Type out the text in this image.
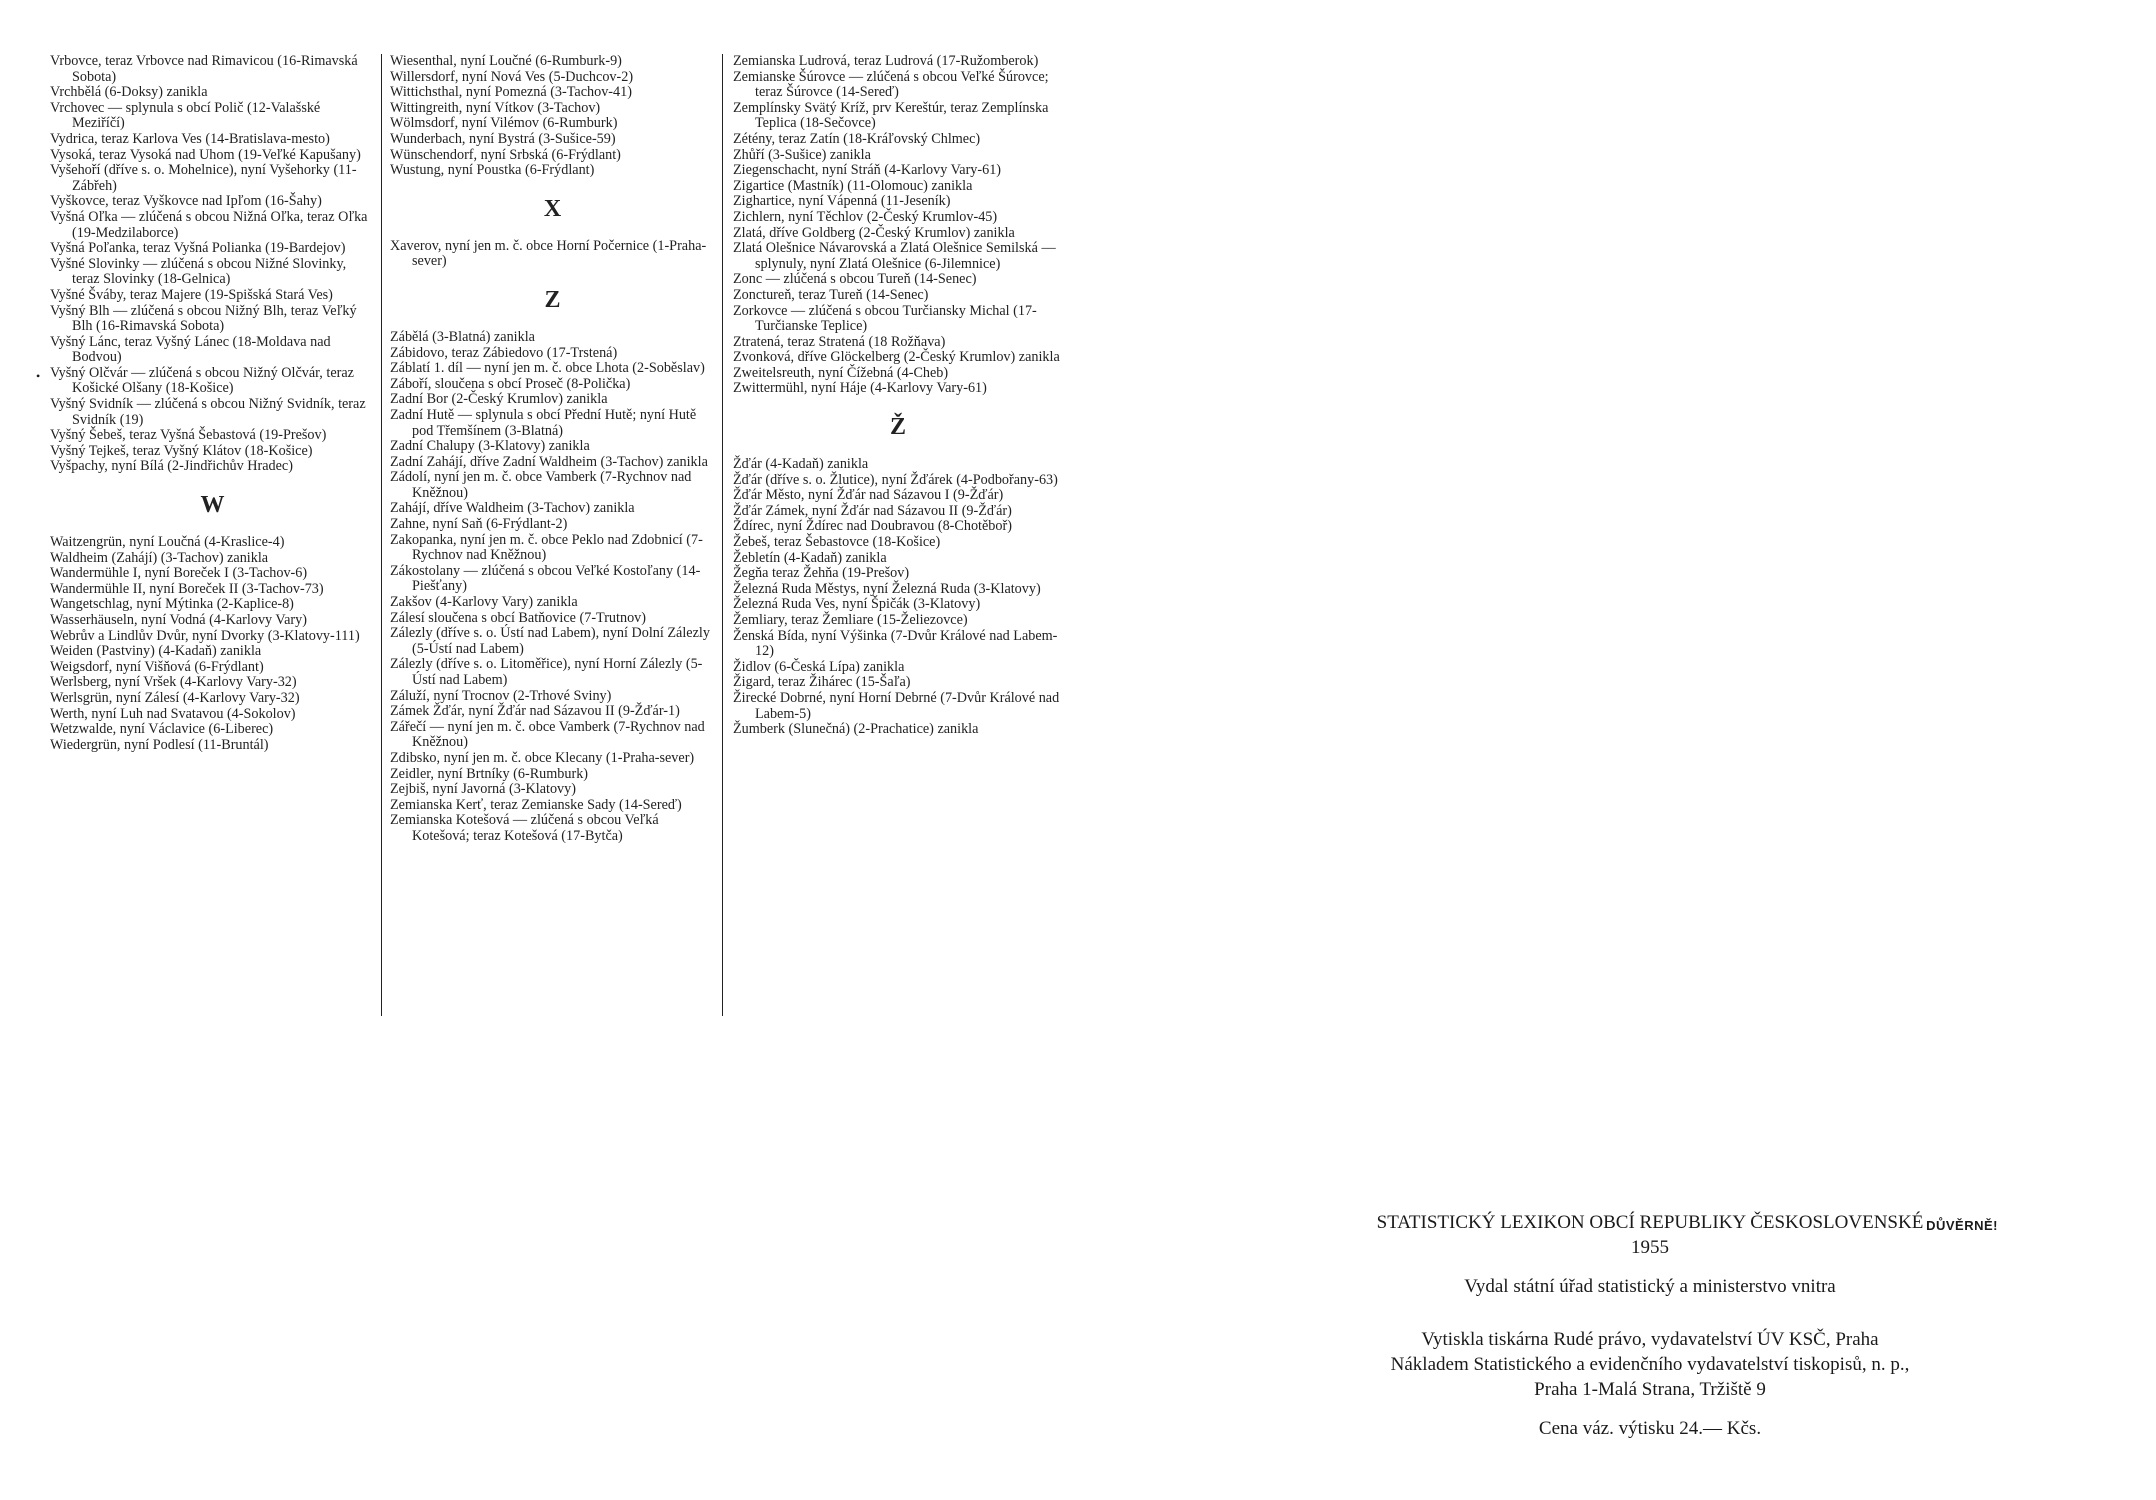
Vrbovce, teraz Vrbovce nad Rimavicou (16-Rimavská Sobota)

Vrchbělá (6-Doksy) zanikla

Vrchovec — splynula s obcí Polič (12-Valašské Meziříčí)

Vydrica, teraz Karlova Ves (14-Bratislava-mesto)

Vysoká, teraz Vysoká nad Uhom (19-Veľké Kapušany)

Vyšehoří (dříve s. o. Mohelnice), nyní Vyšehorky (11-Zábřeh)

Vyškovce, teraz Vyškovce nad Ipľom (16-Šahy)

Vyšná Oľka — zlúčená s obcou Nižná Oľka, teraz Oľka (19-Medzilaborce)

Vyšná Poľanka, teraz Vyšná Polianka (19-Bardejov)

Vyšné Slovinky — zlúčená s obcou Nižné Slovinky, teraz Slovinky (18-Gelnica)

Vyšné Šváby, teraz Majere (19-Spišská Stará Ves)

Vyšný Blh — zlúčená s obcou Nižný Blh, teraz Veľký Blh (16-Rimavská Sobota)

Vyšný Lánc, teraz Vyšný Lánec (18-Moldava nad Bodvou)

Vyšný Olčvár — zlúčená s obcou Nižný Olčvár, teraz Košické Olšany (18-Košice)

Vyšný Svidník — zlúčená s obcou Nižný Svidník, teraz Svidník (19)

Vyšný Šebeš, teraz Vyšná Šebastová (19-Prešov)

Vyšný Tejkeš, teraz Vyšný Klátov (18-Košice)

Vyšpachy, nyní Bílá (2-Jindřichův Hradec)

W

Waitzengrün, nyní Loučná (4-Kraslice-4)

Waldheim (Zahájí) (3-Tachov) zanikla

Wandermühle I, nyní Boreček I (3-Tachov-6)

Wandermühle II, nyní Boreček II (3-Tachov-73)

Wangetschlag, nyní Mýtinka (2-Kaplice-8)

Wasserhäuseln, nyní Vodná (4-Karlovy Vary)

Webrův a Lindlův Dvůr, nyní Dvorky (3-Klatovy-111)

Weiden (Pastviny) (4-Kadaň) zanikla

Weigsdorf, nyní Višňová (6-Frýdlant)

Werlsberg, nyní Vršek (4-Karlovy Vary-32)

Werlsgrün, nyní Zálesí (4-Karlovy Vary-32)

Werth, nyní Luh nad Svatavou (4-Sokolov)

Wetzwalde, nyní Václavice (6-Liberec)

Wiedergrün, nyní Podlesí (11-Bruntál)

Wiesenthal, nyní Loučné (6-Rumburk-9)

Willersdorf, nyní Nová Ves (5-Duchcov-2)

Wittichsthal, nyní Pomezná (3-Tachov-41)

Wittingreith, nyní Vítkov (3-Tachov)

Wölmsdorf, nyní Vilémov (6-Rumburk)

Wunderbach, nyní Bystrá (3-Sušice-59)

Wünschendorf, nyní Srbská (6-Frýdlant)

Wustung, nyní Poustka (6-Frýdlant)

X

Xaverov, nyní jen m. č. obce Horní Počernice (1-Praha-sever)

Z

Zábělá (3-Blatná) zanikla

Zábidovo, teraz Zábiedovo (17-Trstená)

Záblatí 1. díl — nyní jen m. č. obce Lhota (2-Soběslav)

Záboří, sloučena s obcí Proseč (8-Polička)

Zadní Bor (2-Český Krumlov) zanikla

Zadní Hutě — splynula s obcí Přední Hutě; nyní Hutě pod Třemšínem (3-Blatná)

Zadní Chalupy (3-Klatovy) zanikla

Zadní Zahájí, dříve Zadní Waldheim (3-Tachov) zanikla

Zádolí, nyní jen m. č. obce Vamberk (7-Rychnov nad Kněžnou)

Zahájí, dříve Waldheim (3-Tachov) zanikla

Zahne, nyní Saň (6-Frýdlant-2)

Zakopanka, nyní jen m. č. obce Peklo nad Zdobnicí (7-Rychnov nad Kněžnou)

Zákostolany — zlúčená s obcou Veľké Kostoľany (14-Piešťany)

Zakšov (4-Karlovy Vary) zanikla

Zálesí sloučena s obcí Batňovice (7-Trutnov)

Zálezly (dříve s. o. Ústí nad Labem), nyní Dolní Zálezly (5-Ústí nad Labem)

Zálezly (dříve s. o. Litoměřice), nyní Horní Zálezly (5-Ústí nad Labem)

Záluží, nyní Trocnov (2-Trhové Sviny)

Zámek Žďár, nyní Žďár nad Sázavou II (9-Žďár-1)

Zářečí — nyní jen m. č. obce Vamberk (7-Rychnov nad Kněžnou)

Zdibsko, nyní jen m. č. obce Klecany (1-Praha-sever)

Zeidler, nyní Brtníky (6-Rumburk)

Zejbiš, nyní Javorná (3-Klatovy)

Zemianska Kerť, teraz Zemianske Sady (14-Sereď)

Zemianska Kotešová — zlúčená s obcou Veľká Kotešová; teraz Kotešová (17-Bytča)

Zemianska Ludrová, teraz Ludrová (17-Ružomberok)

Zemianske Šúrovce — zlúčená s obcou Veľké Šúrovce; teraz Šúrovce (14-Sereď)

Zemplínsky Svätý Kríž, prv Kereštúr, teraz Zemplínska Teplica (18-Sečovce)

Zétény, teraz Zatín (18-Kráľovský Chlmec)

Zhůří (3-Sušice) zanikla

Ziegenschacht, nyní Stráň (4-Karlovy Vary-61)

Zigartice (Mastník) (11-Olomouc) zanikla

Zighartice, nyní Vápenná (11-Jeseník)

Zichlern, nyní Těchlov (2-Český Krumlov-45)

Zlatá, dříve Goldberg (2-Český Krumlov) zanikla

Zlatá Olešnice Návarovská a Zlatá Olešnice Semilská — splynuly, nyní Zlatá Olešnice (6-Jilemnice)

Zonc — zlúčená s obcou Tureň (14-Senec)

Zonctureň, teraz Tureň (14-Senec)

Zorkovce — zlúčená s obcou Turčiansky Michal (17-Turčianske Teplice)

Ztratená, teraz Stratená (18 Rožňava)

Zvonková, dříve Glöckelberg (2-Český Krumlov) zanikla

Zweitelsreuth, nyní Čížebná (4-Cheb)

Zwittermühl, nyní Háje (4-Karlovy Vary-61)

Ž

Žďár (4-Kadaň) zanikla

Žďár (dříve s. o. Žlutice), nyní Žďárek (4-Podbořany-63)

Žďár Město, nyní Žďár nad Sázavou I (9-Žďár)

Žďár Zámek, nyní Žďár nad Sázavou II (9-Žďár)

Ždírec, nyní Ždírec nad Doubravou (8-Chotěboř)

Žebeš, teraz Šebastovce (18-Košice)

Žebletín (4-Kadaň) zanikla

Žegňa teraz Žehňa (19-Prešov)

Železná Ruda Městys, nyní Železná Ruda (3-Klatovy)

Železná Ruda Ves, nyní Špičák (3-Klatovy)

Žemliary, teraz Žemliare (15-Želiezovce)

Ženská Bída, nyní Výšinka (7-Dvůr Králové nad Labem-12)

Židlov (6-Česká Lípa) zanikla

Žigard, teraz Žihárec (15-Šaľa)

Žirecké Dobrné, nyní Horní Debrné (7-Dvůr Králové nad Labem-5)

Žumberk (Slunečná) (2-Prachatice) zanikla

•
DŮVĚRNĚ!

STATISTICKÝ LEXIKON OBCÍ REPUBLIKY ČESKOSLOVENSKÉ

1955

Vydal státní úřad statistický a ministerstvo vnitra

Vytiskla tiskárna Rudé právo, vydavatelství ÚV KSČ, Praha

Nákladem Statistického a evidenčního vydavatelství tiskopisů, n. p.,

Praha 1-Malá Strana, Tržiště 9

Cena váz. výtisku 24.— Kčs.
